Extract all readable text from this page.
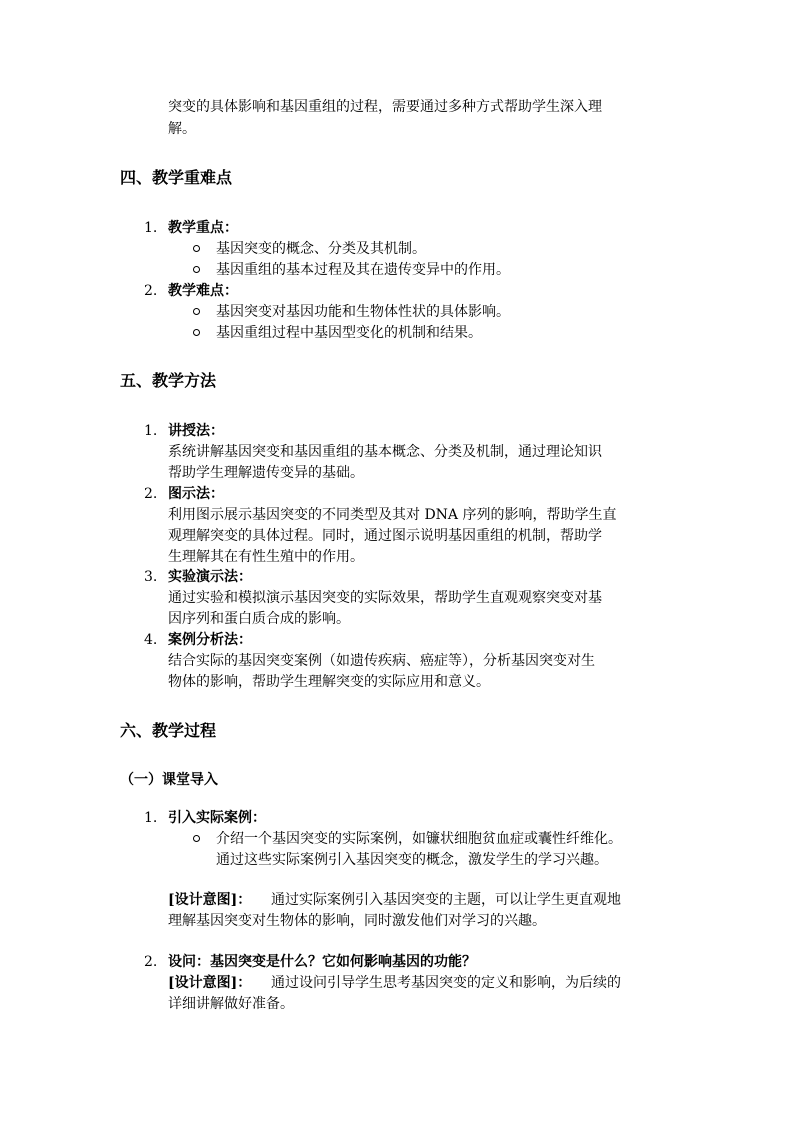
突变的具体影响和基因重组的过程，需要通过多种方式帮助学生深入理
解。
四、教学重难点
1. 教学重点：
基因突变的概念、分类及其机制。
基因重组的基本过程及其在遗传变异中的作用。
2. 教学难点：
基因突变对基因功能和生物体性状的具体影响。
基因重组过程中基因型变化的机制和结果。
五、教学方法
1. 讲授法：
系统讲解基因突变和基因重组的基本概念、分类及机制，通过理论知识
帮助学生理解遗传变异的基础。
2. 图示法：
利用图示展示基因突变的不同类型及其对 DNA 序列的影响，帮助学生直
观理解突变的具体过程。同时，通过图示说明基因重组的机制，帮助学
生理解其在有性生殖中的作用。
3. 实验演示法：
通过实验和模拟演示基因突变的实际效果，帮助学生直观观察突变对基
因序列和蛋白质合成的影响。
4. 案例分析法：
结合实际的基因突变案例（如遗传疾病、癌症等），分析基因突变对生
物体的影响，帮助学生理解突变的实际应用和意义。
六、教学过程
（一）课堂导入
1. 引入实际案例：
介绍一个基因突变的实际案例，如镰状细胞贫血症或囊性纤维化。
通过这些实际案例引入基因突变的概念，激发学生的学习兴趣。
[设计意图]： 通过实际案例引入基因突变的主题，可以让学生更直观地
理解基因突变对生物体的影响，同时激发他们对学习的兴趣。
2. 设问：基因突变是什么？它如何影响基因的功能？
[设计意图]： 通过设问引导学生思考基因突变的定义和影响，为后续的
详细讲解做好准备。
